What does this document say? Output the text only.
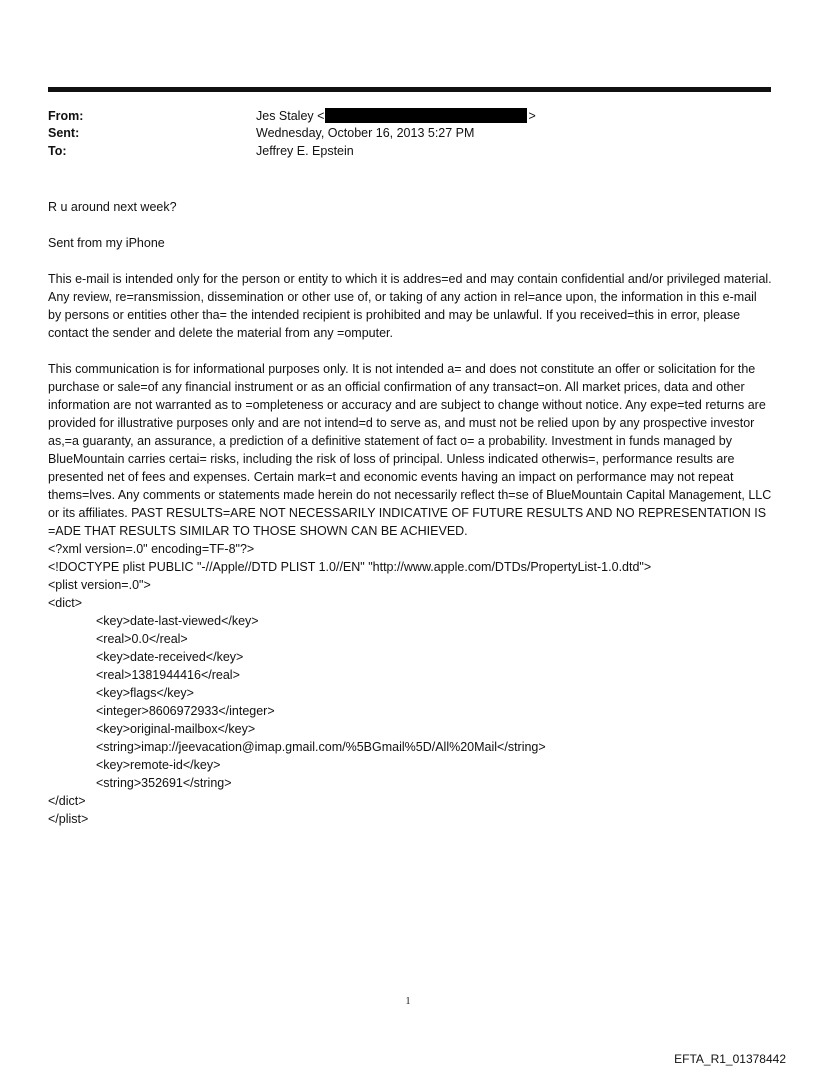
From:	Jes Staley <	>
Sent:	Wednesday, October 16, 2013 5:27 PM
To:	Jeffrey E. Epstein

R u around next week?

Sent from my iPhone

This e-mail is intended only for the person or entity to which it is addres=ed and may contain confidential and/or privileged material. Any review, re=ransmission, dissemination or other use of, or taking of any action in rel=ance upon, the information in this e-mail by persons or entities other tha= the intended recipient is prohibited and may be unlawful. If you received=this in error, please contact the sender and delete the material from any =omputer.

This communication is for informational purposes only. It is not intended a= and does not constitute an offer or solicitation for the purchase or sale=of any financial instrument or as an official confirmation of any transact=on. All market prices, data and other information are not warranted as to =ompleteness or accuracy and are subject to change without notice. Any expe=ted returns are provided for illustrative purposes only and are not intend=d to serve as, and must not be relied upon by any prospective investor as,=a guaranty, an assurance, a prediction of a definitive statement of fact o= a probability. Investment in funds managed by BlueMountain carries certai= risks, including the risk of loss of principal. Unless indicated otherwis=, performance results are presented net of fees and expenses. Certain mark=t and economic events having an impact on performance may not repeat thems=lves. Any comments or statements made herein do not necessarily reflect th=se of BlueMountain Capital Management, LLC or its affiliates. PAST RESULTS=ARE NOT NECESSARILY INDICATIVE OF FUTURE RESULTS AND NO REPRESENTATION IS =ADE THAT RESULTS SIMILAR TO THOSE SHOWN CAN BE ACHIEVED.

<?xml version=.0" encoding=TF-8"?>
<!DOCTYPE plist PUBLIC "-//Apple//DTD PLIST 1.0//EN" "http://www.apple.com/DTDs/PropertyList-1.0.dtd">
<plist version=.0">
<dict>
<key>date-last-viewed</key>
<real>0.0</real>
<key>date-received</key>
<real>1381944416</real>
<key>flags</key>
<integer>8606972933</integer>
<key>original-mailbox</key>
<string>imap://jeevacation@imap.gmail.com/%5BGmail%5D/All%20Mail</string>
<key>remote-id</key>
<string>352691</string>
</dict>
</plist>
1
EFTA_R1_01378442
